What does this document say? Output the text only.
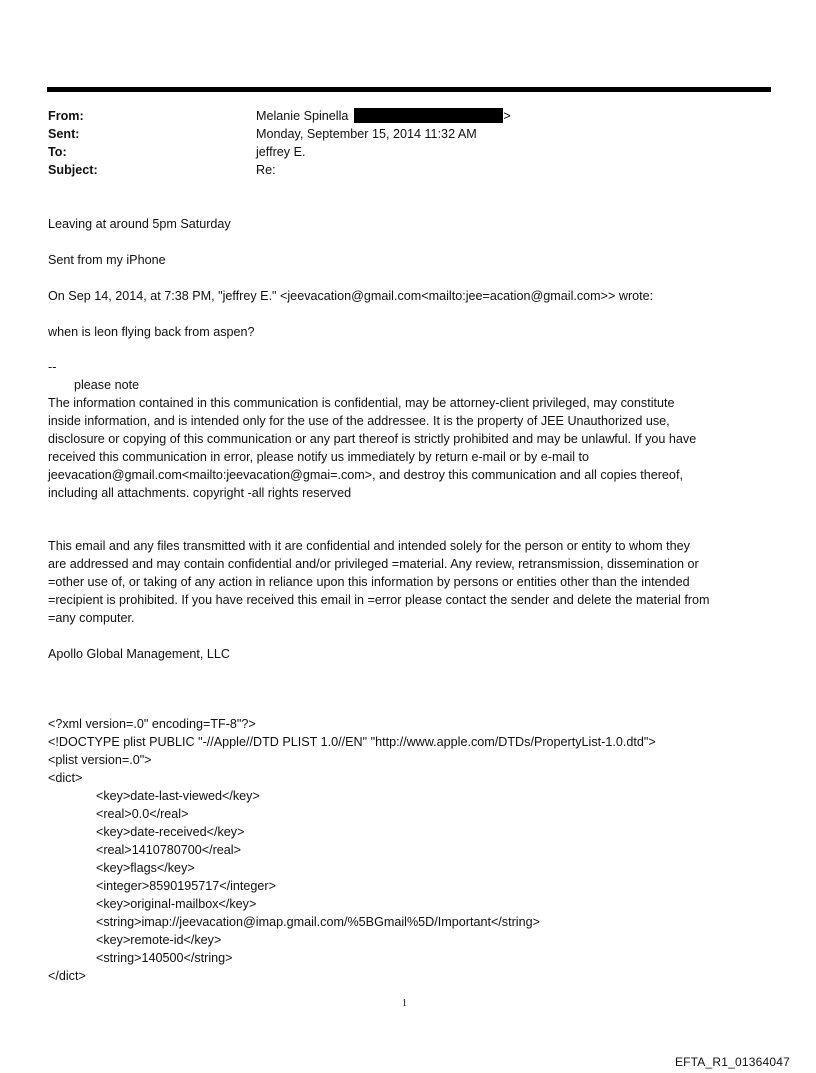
From:	Melanie Spinella	>
Sent:	Monday, September 15, 2014 11:32 AM
To:	jeffrey E.
Subject:	Re:
Leaving at around 5pm Saturday
Sent from my iPhone
On Sep 14, 2014, at 7:38 PM, "jeffrey E." <jeevacation@gmail.com<mailto:jee=acation@gmail.com>> wrote:
when is leon flying back from aspen?
--
please note
The information contained in this communication is confidential, may be attorney-client privileged, may constitute
inside information, and is intended only for the use of the addressee. It is the property of JEE Unauthorized use,
disclosure or copying of this communication or any part thereof is strictly prohibited and may be unlawful. If you have
received this communication in error, please notify us immediately by return e-mail or by e-mail to
jeevacation@gmail.com<mailto:jeevacation@gmai=.com>, and destroy this communication and all copies thereof,
including all attachments. copyright -all rights reserved
This email and any files transmitted with it are confidential and intended solely for the person or entity to whom they
are addressed and may contain confidential and/or privileged =material. Any review, retransmission, dissemination or
=other use of, or taking of any action in reliance upon this information by persons or entities other than the intended
=recipient is prohibited. If you have received this email in =error please contact the sender and delete the material from
=any computer.
Apollo Global Management, LLC
<?xml version=.0" encoding=TF-8"?>
<!DOCTYPE plist PUBLIC "-//Apple//DTD PLIST 1.0//EN" "http://www.apple.com/DTDs/PropertyList-1.0.dtd">
<plist version=.0">
<dict>
<key>date-last-viewed</key>
<real>0.0</real>
<key>date-received</key>
<real>1410780700</real>
<key>flags</key>
<integer>8590195717</integer>
<key>original-mailbox</key>
<string>imap://jeevacation@imap.gmail.com/%5BGmail%5D/Important</string>
<key>remote-id</key>
<string>140500</string>
</dict>
1
EFTA_R1_01364047
